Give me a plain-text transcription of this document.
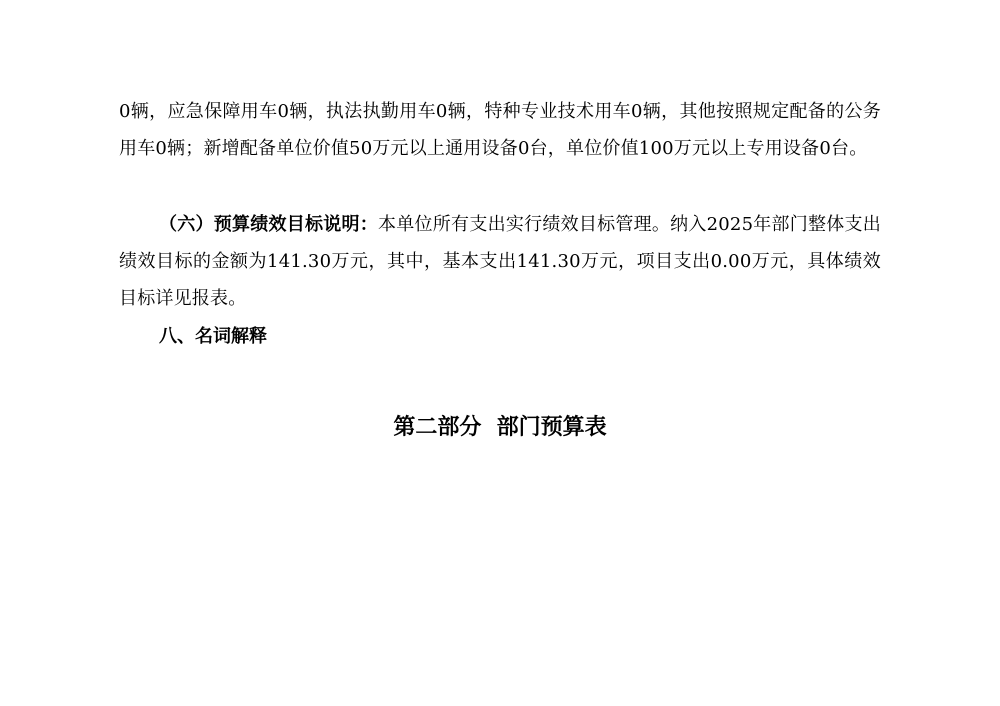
0辆，应急保障用车0辆，执法执勤用车0辆，特种专业技术用车0辆，其他按照规定配备的公务用车0辆；新增配备单位价值50万元以上通用设备0台，单位价值100万元以上专用设备0台。
（六）预算绩效目标说明：本单位所有支出实行绩效目标管理。纳入2025年部门整体支出绩效目标的金额为141.30万元，其中，基本支出141.30万元，项目支出0.00万元，具体绩效目标详见报表。
八、名词解释
第二部分  部门预算表
